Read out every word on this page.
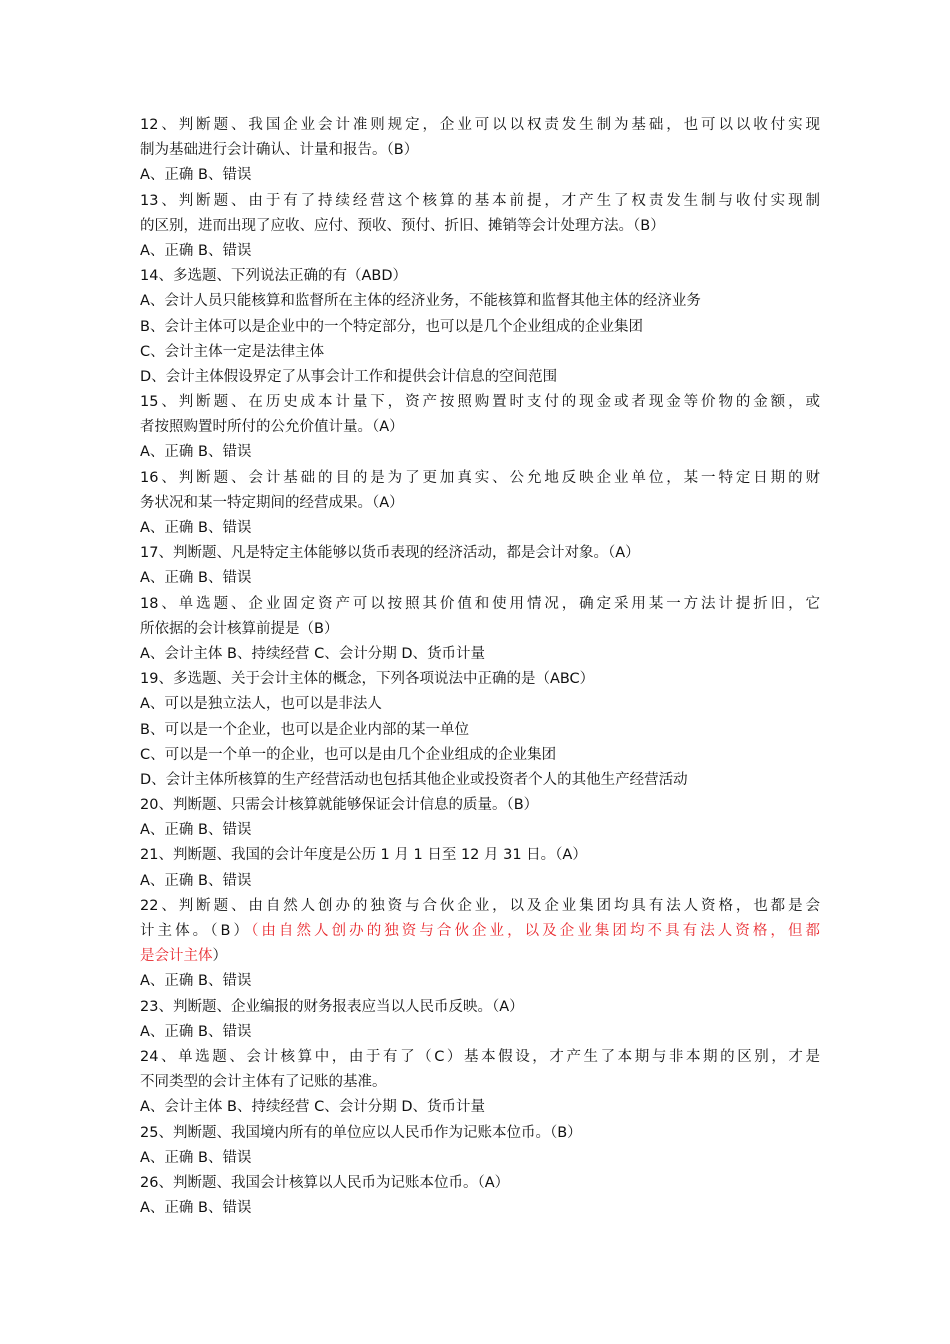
12、判断题、我国企业会计准则规定，企业可以以权责发生制为基础，也可以以收付实现
制为基础进行会计确认、计量和报告。（B）
A、正确 B、错误
13、判断题、由于有了持续经营这个核算的基本前提，才产生了权责发生制与收付实现制
的区别，进而出现了应收、应付、预收、预付、折旧、摊销等会计处理方法。（B）
A、正确 B、错误
14、多选题、下列说法正确的有（ABD）
A、会计人员只能核算和监督所在主体的经济业务，不能核算和监督其他主体的经济业务
B、会计主体可以是企业中的一个特定部分，也可以是几个企业组成的企业集团
C、会计主体一定是法律主体
D、会计主体假设界定了从事会计工作和提供会计信息的空间范围
15、判断题、在历史成本计量下，资产按照购置时支付的现金或者现金等价物的金额，或
者按照购置时所付的公允价值计量。（A）
A、正确 B、错误
16、判断题、会计基础的目的是为了更加真实、公允地反映企业单位，某一特定日期的财
务状况和某一特定期间的经营成果。（A）
A、正确 B、错误
17、判断题、凡是特定主体能够以货币表现的经济活动，都是会计对象。（A）
A、正确 B、错误
18、单选题、企业固定资产可以按照其价值和使用情况，确定采用某一方法计提折旧，它
所依据的会计核算前提是（B）
A、会计主体 B、持续经营 C、会计分期 D、货币计量
19、多选题、关于会计主体的概念，下列各项说法中正确的是（ABC）
A、可以是独立法人，也可以是非法人
B、可以是一个企业，也可以是企业内部的某一单位
C、可以是一个单一的企业，也可以是由几个企业组成的企业集团
D、会计主体所核算的生产经营活动也包括其他企业或投资者个人的其他生产经营活动
20、判断题、只需会计核算就能够保证会计信息的质量。（B）
A、正确 B、错误
21、判断题、我国的会计年度是公历 1 月 1 日至 12 月 31 日。（A）
A、正确 B、错误
22、判断题、由自然人创办的独资与合伙企业，以及企业集团均具有法人资格，也都是会
计主体。（B）（由自然人创办的独资与合伙企业，以及企业集团均不具有法人资格，但都
是会计主体）
A、正确 B、错误
23、判断题、企业编报的财务报表应当以人民币反映。（A）
A、正确 B、错误
24、单选题、会计核算中，由于有了（C）基本假设，才产生了本期与非本期的区别，才是
不同类型的会计主体有了记账的基准。
A、会计主体 B、持续经营 C、会计分期 D、货币计量
25、判断题、我国境内所有的单位应以人民币作为记账本位币。（B）
A、正确 B、错误
26、判断题、我国会计核算以人民币为记账本位币。（A）
A、正确 B、错误
